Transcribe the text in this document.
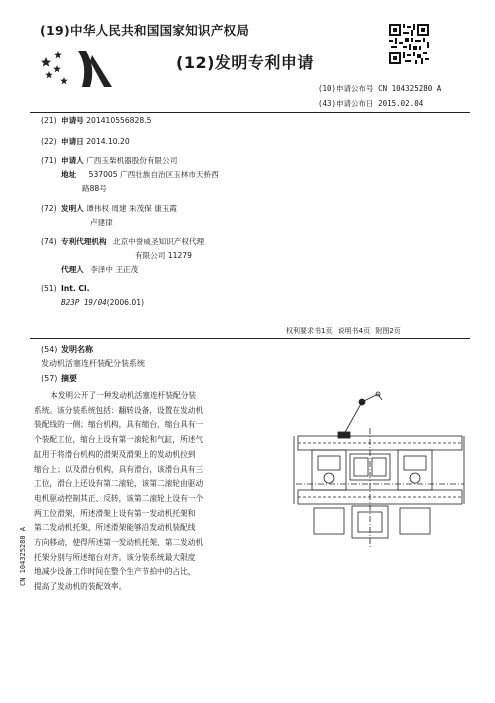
(19)中华人民共和国国家知识产权局
(12)发明专利申请
(10)申请公布号 CN 104325280 A
(43)申请公布日 2015.02.04
(21) 申请号 201410556828.5
(22) 申请日 2014.10.20
(71) 申请人 广西玉柴机器股份有限公司
地址 537005 广西壮族自治区玉林市天桥西
路88号
(72) 发明人 谭伟权 周建 朱茂保 康玉霞
卢建律
(74) 专利代理机构 北京中誉威圣知识产权代理
有限公司 11279
代理人 李泽中 王正茂
(51) Int. Cl.
B23P 19/04(2006.01)
权利要求书1页 说明书4页 附图2页
(54) 发明名称
发动机活塞连杆装配分装系统
(57) 摘要
本发明公开了一种发动机活塞连杆装配分装
系统。该分装系统包括：翻转设备，设置在发动机
装配线的一侧；缩台机构，具有缩台，缩台具有一
个装配工位，缩台上设有第一滚轮和气缸，所述气
缸用于将滑台机构的滑架及滑架上的发动机拉到
缩台上；以及滑台机构，具有滑台，该滑台具有三
工位，滑台上还设有第二滚轮，该第二滚轮由驱动
电机驱动控制其正、反转，该第二滚轮上设有一个
两工位滑架，所述滑架上设有第一发动机托架和
第二发动机托架，所述滑架能够沿发动机装配线
方向移动，使得所述第一发动机托架、第二发动机
托架分别与所述缩台对齐。该分装系统最大限度
地减少设备工作时间在整个生产节拍中的占比，
提高了发动机的装配效率。
CN 104325280 A
